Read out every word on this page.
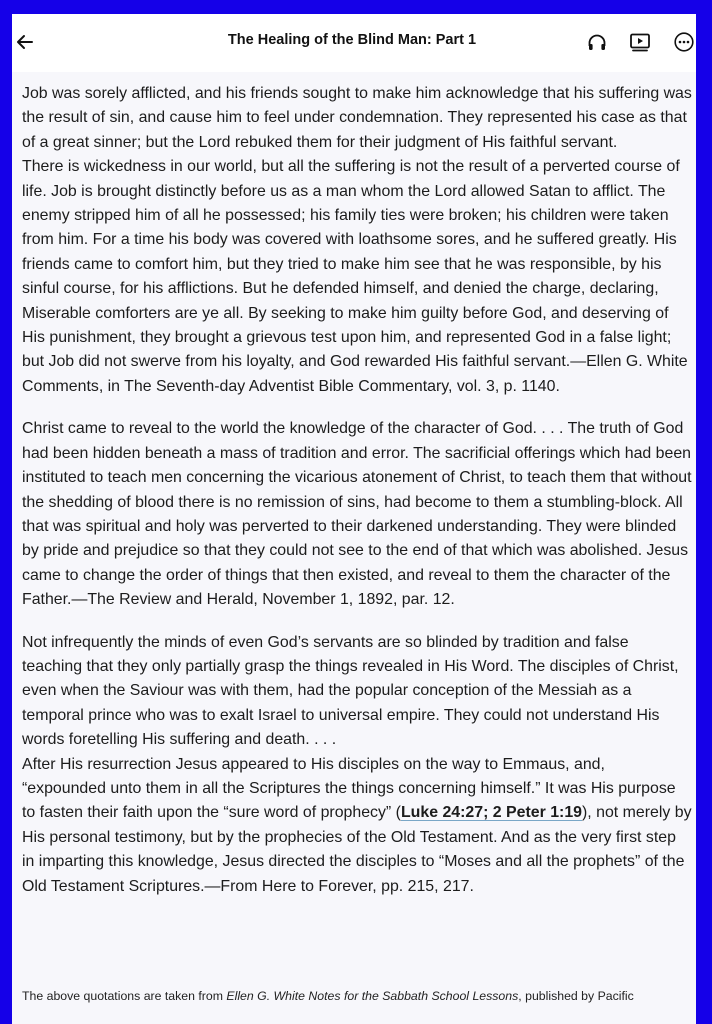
The Healing of the Blind Man: Part 1

Job was sorely afflicted, and his friends sought to make him acknowledge that his suffering was the result of sin, and cause him to feel under condemnation. They represented his case as that of a great sinner; but the Lord rebuked them for their judgment of His faithful servant.

There is wickedness in our world, but all the suffering is not the result of a perverted course of life. Job is brought distinctly before us as a man whom the Lord allowed Satan to afflict. The enemy stripped him of all he possessed; his family ties were broken; his children were taken from him. For a time his body was covered with loathsome sores, and he suffered greatly. His friends came to comfort him, but they tried to make him see that he was responsible, by his sinful course, for his afflictions. But he defended himself, and denied the charge, declaring, Miserable comforters are ye all. By seeking to make him guilty before God, and deserving of His punishment, they brought a grievous test upon him, and represented God in a false light; but Job did not swerve from his loyalty, and God rewarded His faithful servant.—Ellen G. White Comments, in The Seventh-day Adventist Bible Commentary, vol. 3, p. 1140.

Christ came to reveal to the world the knowledge of the character of God. . . . The truth of God had been hidden beneath a mass of tradition and error. The sacrificial offerings which had been instituted to teach men concerning the vicarious atonement of Christ, to teach them that without the shedding of blood there is no remission of sins, had become to them a stumbling-block. All that was spiritual and holy was perverted to their darkened understanding. They were blinded by pride and prejudice so that they could not see to the end of that which was abolished. Jesus came to change the order of things that then existed, and reveal to them the character of the Father.—The Review and Herald, November 1, 1892, par. 12.

Not infrequently the minds of even God’s servants are so blinded by tradition and false teaching that they only partially grasp the things revealed in His Word. The disciples of Christ, even when the Saviour was with them, had the popular conception of the Messiah as a temporal prince who was to exalt Israel to universal empire. They could not understand His words foretelling His suffering and death. . . .

After His resurrection Jesus appeared to His disciples on the way to Emmaus, and, “expounded unto them in all the Scriptures the things concerning himself.” It was His purpose to fasten their faith upon the “sure word of prophecy” (Luke 24:27; 2 Peter 1:19), not merely by His personal testimony, but by the prophecies of the Old Testament. And as the very first step in imparting this knowledge, Jesus directed the disciples to “Moses and all the prophets” of the Old Testament Scriptures.—From Here to Forever, pp. 215, 217.

The above quotations are taken from Ellen G. White Notes for the Sabbath School Lessons, published by Pacific
